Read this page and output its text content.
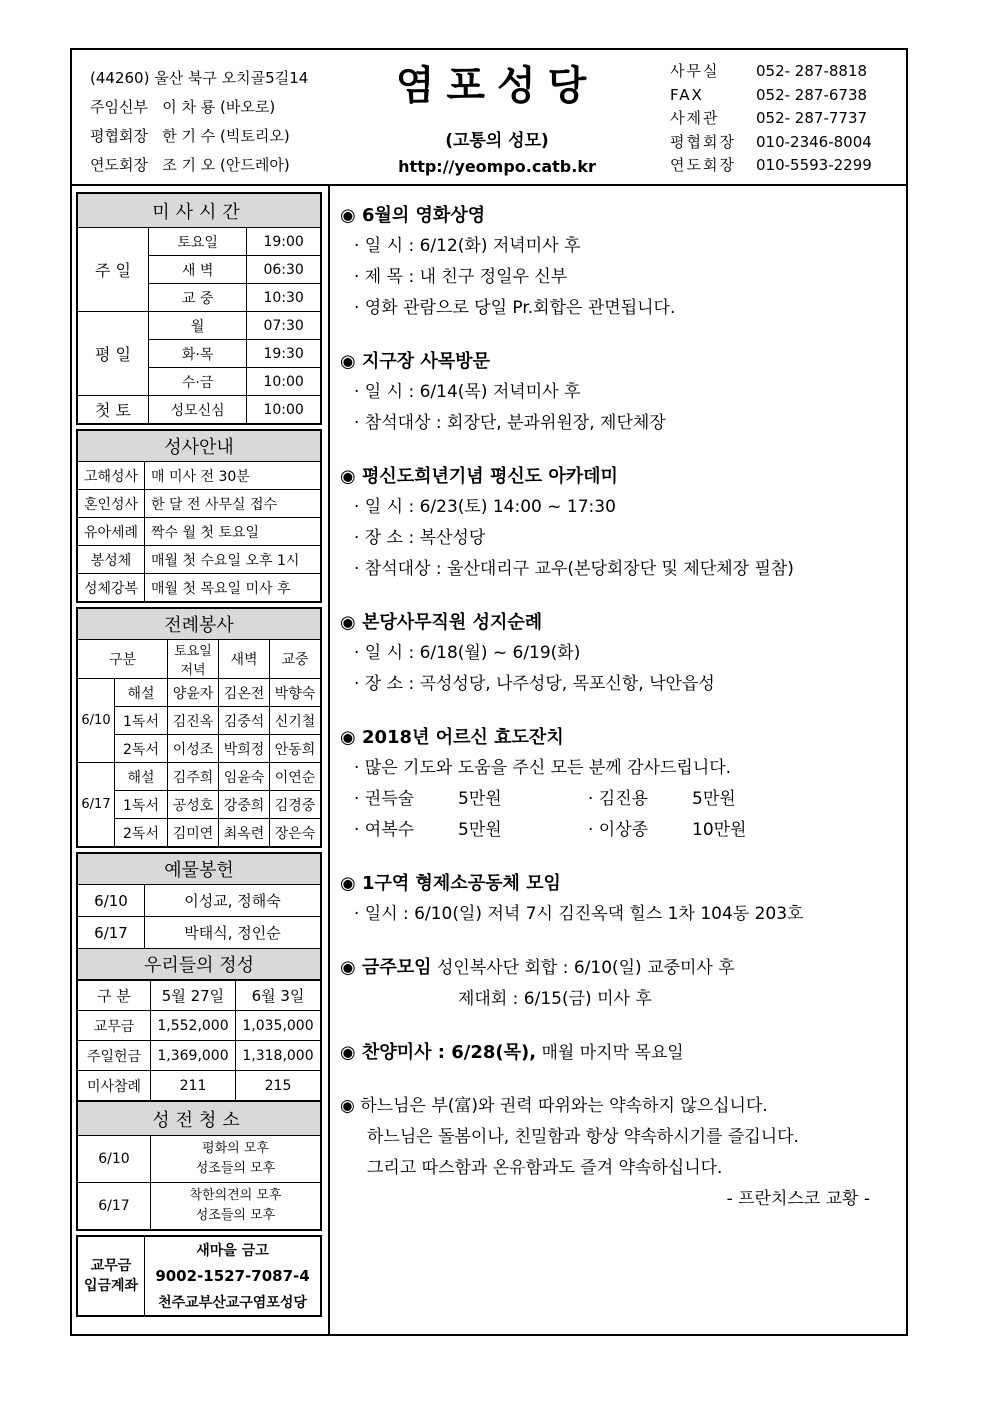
(44260) 울산 북구 오치골5길14
주임신부 이 차 룡 (바오로)
평협회장 한 기 수 (빅토리오)
연도회장 조 기 오 (안드레아)
염포성당
(고통의 성모)
http://yeompo.catb.kr
사무실 052- 287-8818
FAX	052- 287-6738
사제관 052- 287-7737
평협회장 010-2346-8004
연도회장 010-5593-2299
미사시간		
주 일	토요일	19:00
	새 벽	06:30
	교 중	10:30
평 일	월	07:30
	화·목	19:30
	수·금	10:00
첫 토	성모신심	10:00
성사안내	
고해성사	매 미사 전 30분
혼인성사	한 달 전 사무실 접수
유아세례	짝수 월 첫 토요일
봉성체	매월 첫 수요일 오후 1시
성체강복	매월 첫 목요일 미사 후
전례봉사				
구분		토요일 저녁	새벽	교중
6/10	해설	양윤자	김온전	박향숙
	1독서	김진옥	김중석	신기철
	2독서	이성조	박희정	안동희
6/17	해설	김주희	임윤숙	이연순
	1독서	공성호	강중희	김경중
	2독서	김미연	최옥련	장은숙
예물봉헌	
6/10	이성교, 정해숙
6/17	박태식, 정인순
우리들의 정성	
구 분	5월 27일	6월 3일
교무금	1,552,000	1,035,000
주일헌금	1,369,000	1,318,000
미사참례	211	215
성전청소	
6/10	평화의 모후
성조들의 모후
6/17	착한의견의 모후
성조들의 모후
교무금
입금계좌	새마을 금고
9002-1527-7087-4
천주교부산교구염포성당
◉ 6월의 영화상영
· 일 시 : 6/12(화) 저녁미사 후
· 제 목 : 내 친구 정일우 신부
· 영화 관람으로 당일 Pr.회합은 관면됩니다.
◉ 지구장 사목방문
· 일 시 : 6/14(목) 저녁미사 후
· 참석대상 : 회장단, 분과위원장, 제단체장
◉ 평신도희년기념 평신도 아카데미
· 일 시 : 6/23(토) 14:00 ~ 17:30
· 장 소 : 복산성당
· 참석대상 : 울산대리구 교우(본당회장단 및 제단체장 필참)
◉ 본당사무직원 성지순례
· 일 시 : 6/18(월) ~ 6/19(화)
· 장 소 : 곡성성당, 나주성당, 목포신항, 낙안읍성
◉ 2018년 어르신 효도잔치
· 많은 기도와 도움을 주신 모든 분께 감사드립니다.
· 권득술	5만원	· 김진용	5만원
· 여복수	5만원	· 이상종	10만원
◉ 1구역 형제소공동체 모임
· 일시 : 6/10(일) 저녁 7시 김진옥댁 힐스 1차 104동 203호
◉ 금주모임 성인복사단 회합 : 6/10(일) 교중미사 후
제대회 : 6/15(금) 미사 후
◉ 찬양미사 : 6/28(목), 매월 마지막 목요일
◉ 하느님은 부(富)와 권력 따위와는 약속하지 않으십니다.
하느님은 돌봄이나, 친밀함과 항상 약속하시기를 즐깁니다.
그리고 따스함과 온유함과도 즐겨 약속하십니다.
- 프란치스코 교황 -
